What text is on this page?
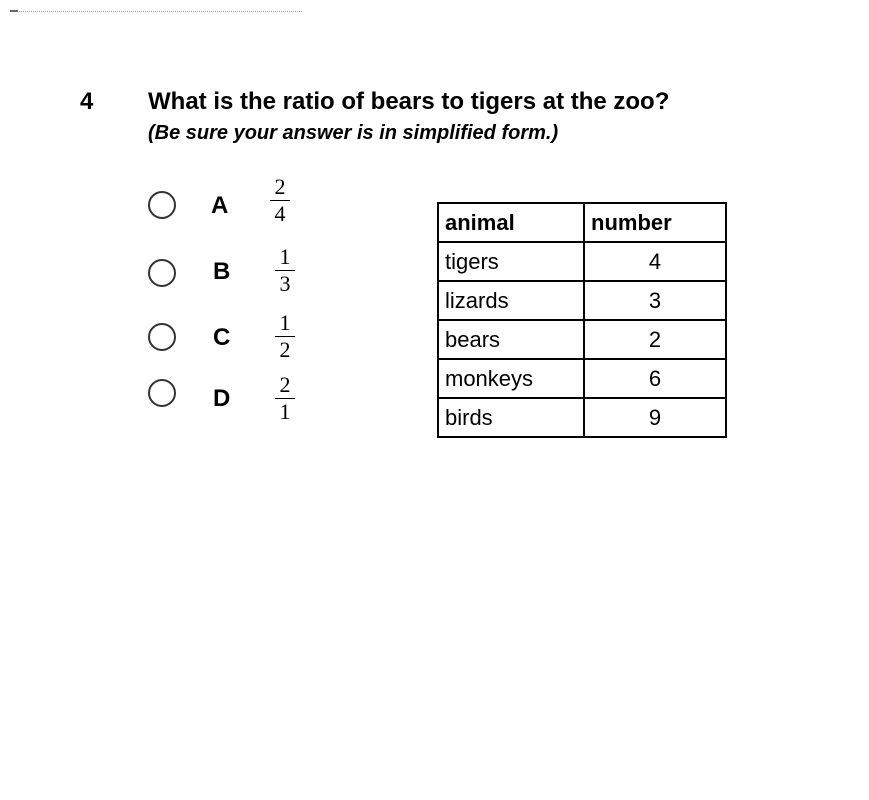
4 What is the ratio of bears to tigers at the zoo?
(Be sure your answer is in simplified form.)
A
2
4
B
1
3
C
1
2
D
2
1
animal	number
tigers	4
lizards	3
bears	2
monkeys	6
birds	9
